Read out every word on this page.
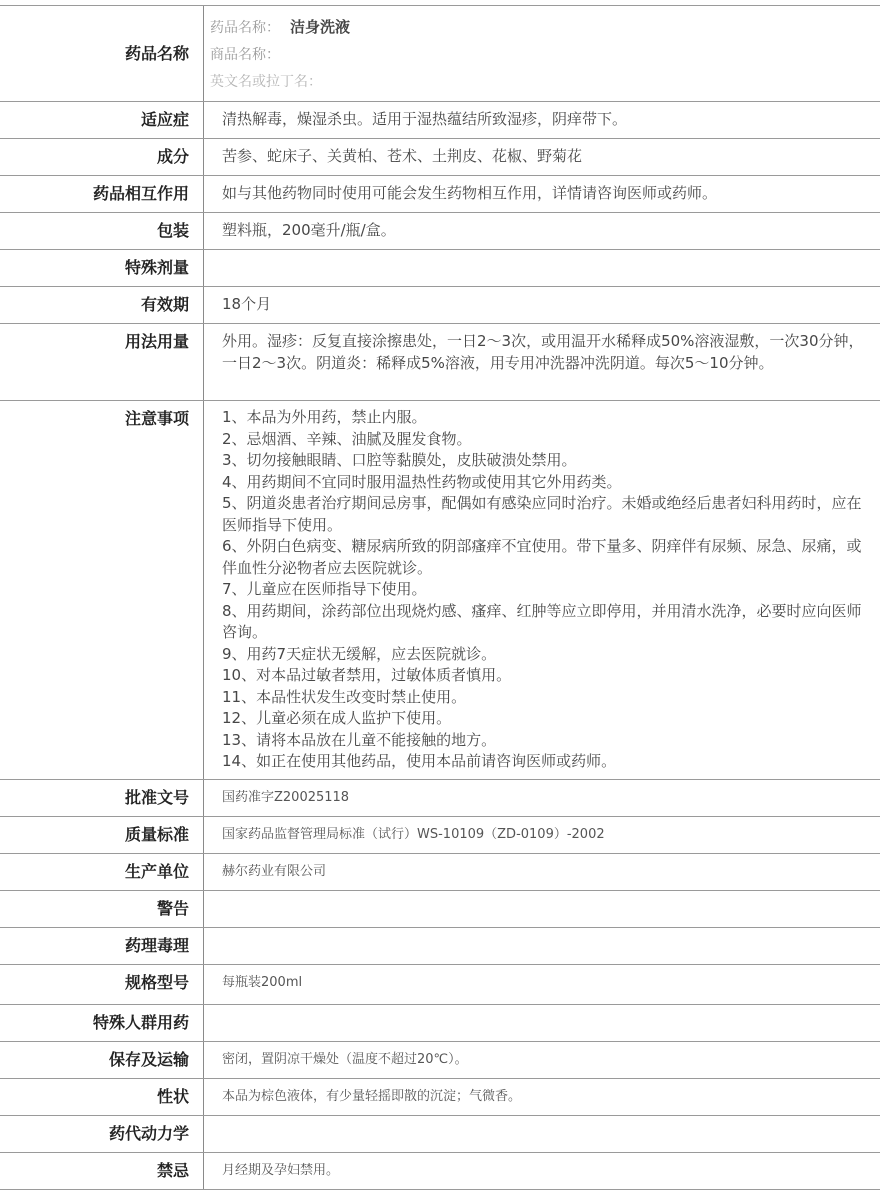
药品名称
药品名称： 洁身洗液
商品名称：
英文名或拉丁名：
适应症	清热解毒，燥湿杀虫。适用于湿热蕴结所致湿疹，阴痒带下。
成分	苦参、蛇床子、关黄柏、苍术、土荆皮、花椒、野菊花
药品相互作用	如与其他药物同时使用可能会发生药物相互作用，详情请咨询医师或药师。
包装	塑料瓶，200毫升/瓶/盒。
特殊剂量
有效期	18个月
用法用量	外用。湿疹：反复直接涂擦患处，一日2～3次，或用温开水稀释成50%溶液湿敷，一次30分钟，一日2～3次。阴道炎：稀释成5%溶液，用专用冲洗器冲洗阴道。每次5～10分钟。
注意事项	1、本品为外用药，禁止内服。
2、忌烟酒、辛辣、油腻及腥发食物。
3、切勿接触眼睛、口腔等黏膜处，皮肤破溃处禁用。
4、用药期间不宜同时服用温热性药物或使用其它外用药类。
5、阴道炎患者治疗期间忌房事，配偶如有感染应同时治疗。未婚或绝经后患者妇科用药时，应在医师指导下使用。
6、外阴白色病变、糖尿病所致的阴部瘙痒不宜使用。带下量多、阴痒伴有尿频、尿急、尿痛，或伴血性分泌物者应去医院就诊。
7、儿童应在医师指导下使用。
8、用药期间，涂药部位出现烧灼感、瘙痒、红肿等应立即停用，并用清水洗净，必要时应向医师咨询。
9、用药7天症状无缓解，应去医院就诊。
10、对本品过敏者禁用，过敏体质者慎用。
11、本品性状发生改变时禁止使用。
12、儿童必须在成人监护下使用。
13、请将本品放在儿童不能接触的地方。
14、如正在使用其他药品，使用本品前请咨询医师或药师。
批准文号	国药准字Z20025118
质量标准	国家药品监督管理局标准（试行）WS-10109（ZD-0109）-2002
生产单位	赫尔药业有限公司
警告
药理毒理
规格型号	每瓶装200ml
特殊人群用药
保存及运输	密闭，置阴凉干燥处（温度不超过20℃）。
性状	本品为棕色液体，有少量轻摇即散的沉淀；气微香。
药代动力学
禁忌	月经期及孕妇禁用。
